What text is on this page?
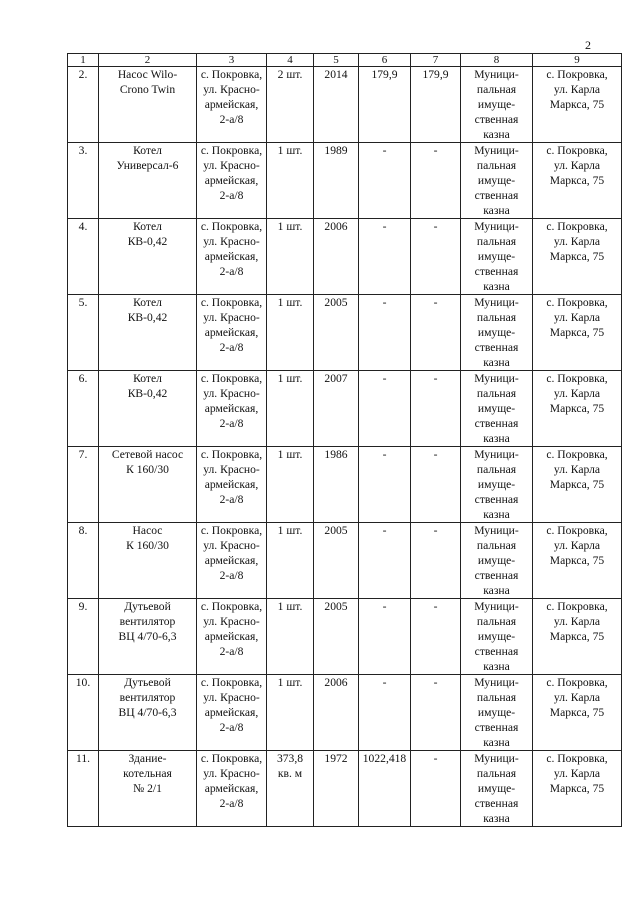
2
1	2	3	4	5	6	7	8	9
2.	Насос Wilo-
Crono Twin	с. Покровка,
ул. Красно-
армейская,
2-а/8	2 шт.	2014	179,9	179,9	Муници-
пальная
имуще-
ственная
казна	с. Покровка,
ул. Карла
Маркса, 75
3.	Котел
Универсал-6	с. Покровка,
ул. Красно-
армейская,
2-а/8	1 шт.	1989	-	-	Муници-
пальная
имуще-
ственная
казна	с. Покровка,
ул. Карла
Маркса, 75
4.	Котел
КВ-0,42	с. Покровка,
ул. Красно-
армейская,
2-а/8	1 шт.	2006	-	-	Муници-
пальная
имуще-
ственная
казна	с. Покровка,
ул. Карла
Маркса, 75
5.	Котел
КВ-0,42	с. Покровка,
ул. Красно-
армейская,
2-а/8	1 шт.	2005	-	-	Муници-
пальная
имуще-
ственная
казна	с. Покровка,
ул. Карла
Маркса, 75
6.	Котел
КВ-0,42	с. Покровка,
ул. Красно-
армейская,
2-а/8	1 шт.	2007	-	-	Муници-
пальная
имуще-
ственная
казна	с. Покровка,
ул. Карла
Маркса, 75
7.	Сетевой насос
К 160/30	с. Покровка,
ул. Красно-
армейская,
2-а/8	1 шт.	1986	-	-	Муници-
пальная
имуще-
ственная
казна	с. Покровка,
ул. Карла
Маркса, 75
8.	Насос
К 160/30	с. Покровка,
ул. Красно-
армейская,
2-а/8	1 шт.	2005	-	-	Муници-
пальная
имуще-
ственная
казна	с. Покровка,
ул. Карла
Маркса, 75
9.	Дутьевой
вентилятор
ВЦ 4/70-6,3	с. Покровка,
ул. Красно-
армейская,
2-а/8	1 шт.	2005	-	-	Муници-
пальная
имуще-
ственная
казна	с. Покровка,
ул. Карла
Маркса, 75
10.	Дутьевой
вентилятор
ВЦ 4/70-6,3	с. Покровка,
ул. Красно-
армейская,
2-а/8	1 шт.	2006	-	-	Муници-
пальная
имуще-
ственная
казна	с. Покровка,
ул. Карла
Маркса, 75
11.	Здание-
котельная
№ 2/1	с. Покровка,
ул. Красно-
армейская,
2-а/8	373,8
кв. м	1972	1022,418	-	Муници-
пальная
имуще-
ственная
казна	с. Покровка,
ул. Карла
Маркса, 75
